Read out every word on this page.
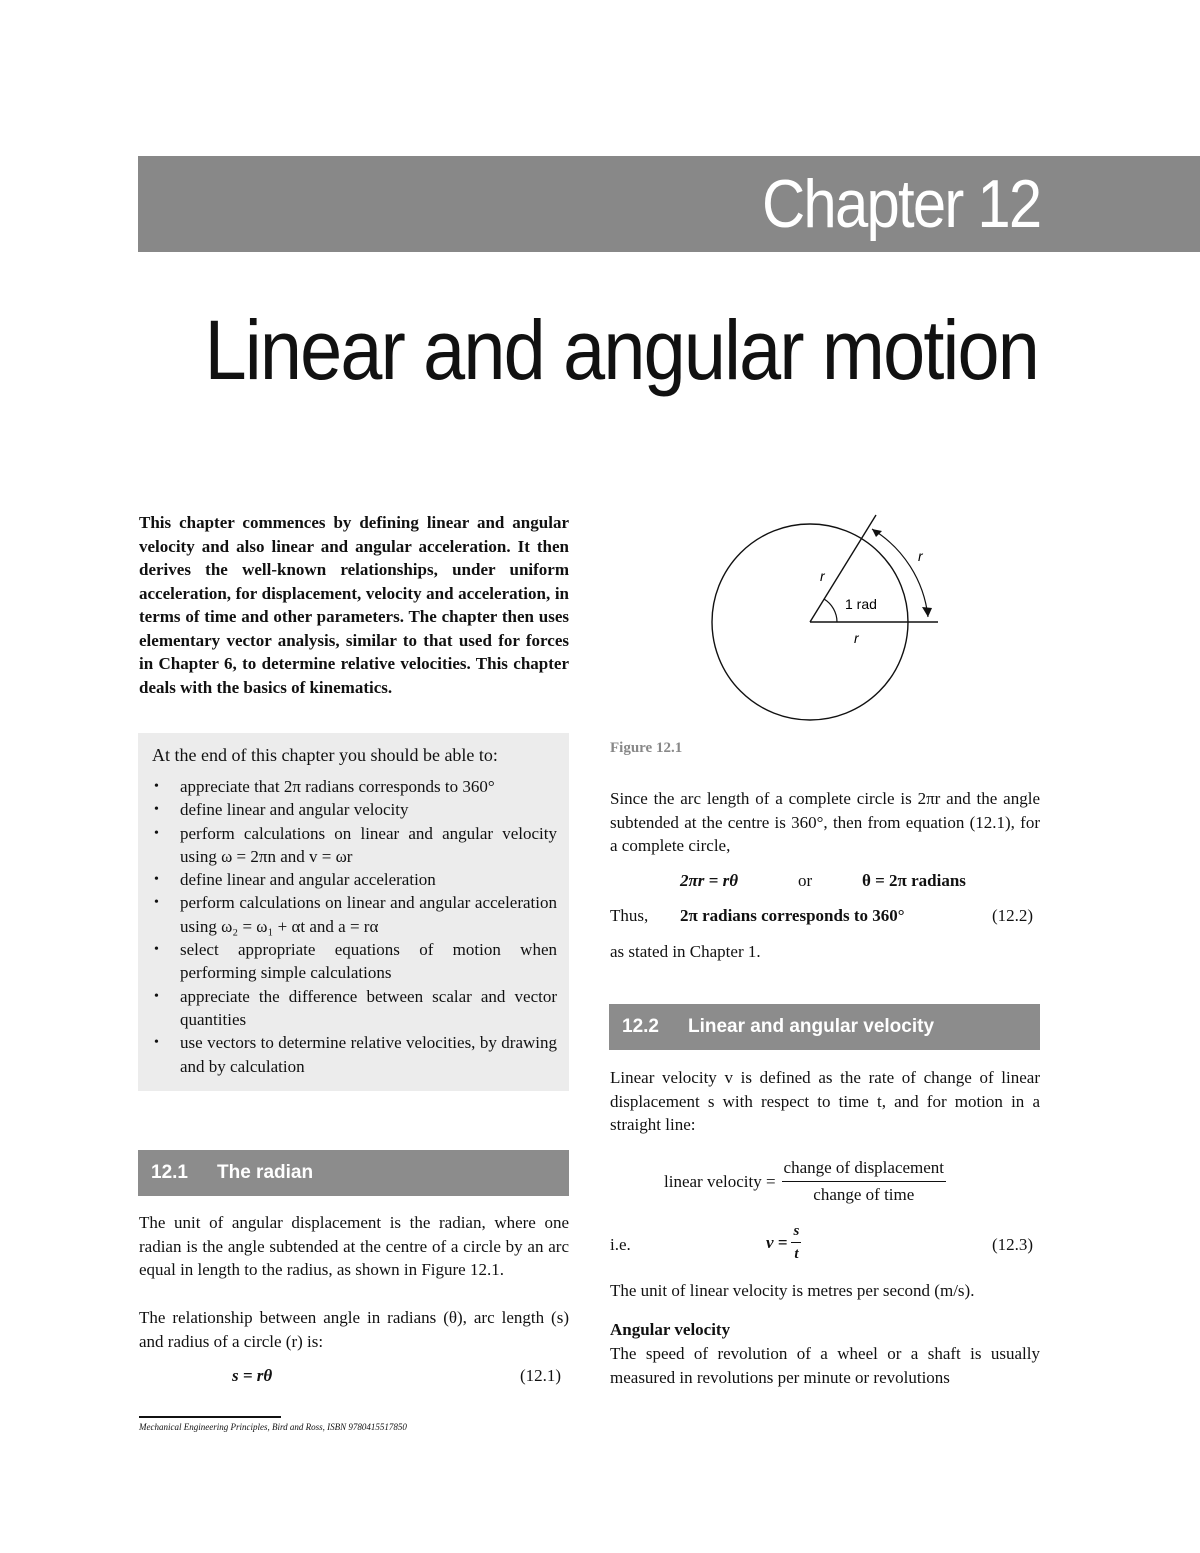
Chapter 12
Linear and angular motion

This chapter commences by defining linear and angular velocity and also linear and angular acceleration. It then derives the well-known relationships, under uniform acceleration, for displacement, velocity and acceleration, in terms of time and other parameters. The chapter then uses elementary vector analysis, similar to that used for forces in Chapter 6, to determine relative velocities. This chapter deals with the basics of kinematics.

At the end of this chapter you should be able to:

• appreciate that 2π radians corresponds to 360°
• define linear and angular velocity
• perform calculations on linear and angular velocity using ω = 2πn and v = ωr
• define linear and angular acceleration
• perform calculations on linear and angular acceleration using ω₂ = ω₁ + αt and a = rα
• select appropriate equations of motion when performing simple calculations
• appreciate the difference between scalar and vector quantities
• use vectors to determine relative velocities, by drawing and by calculation
12.1 The radian

The unit of angular displacement is the radian, where one radian is the angle subtended at the centre of a circle by an arc equal in length to the radius, as shown in Figure 12.1.

The relationship between angle in radians (θ), arc length (s) and radius of a circle (r) is:

s = rθ	(12.1)
r
r
r
1 rad
Figure 12.1

Since the arc length of a complete circle is 2πr and the angle subtended at the centre is 360°, then from equation (12.1), for a complete circle,

2πr = rθ	or	θ = 2π radians
Thus, 2π radians corresponds to 360°	(12.2)
as stated in Chapter 1.
12.2 Linear and angular velocity

Linear velocity v is defined as the rate of change of linear displacement s with respect to time t, and for motion in a straight line:

linear velocity = $\frac{\text{change of displacement}}{\text{change of time}}$
i.e.	$v = \frac{s}{t}$	(12.3)

The unit of linear velocity is metres per second (m/s).

Angular velocity

The speed of revolution of a wheel or a shaft is usually measured in revolutions per minute or revolutions

Mechanical Engineering Principles, Bird and Ross, ISBN 9780415517850
